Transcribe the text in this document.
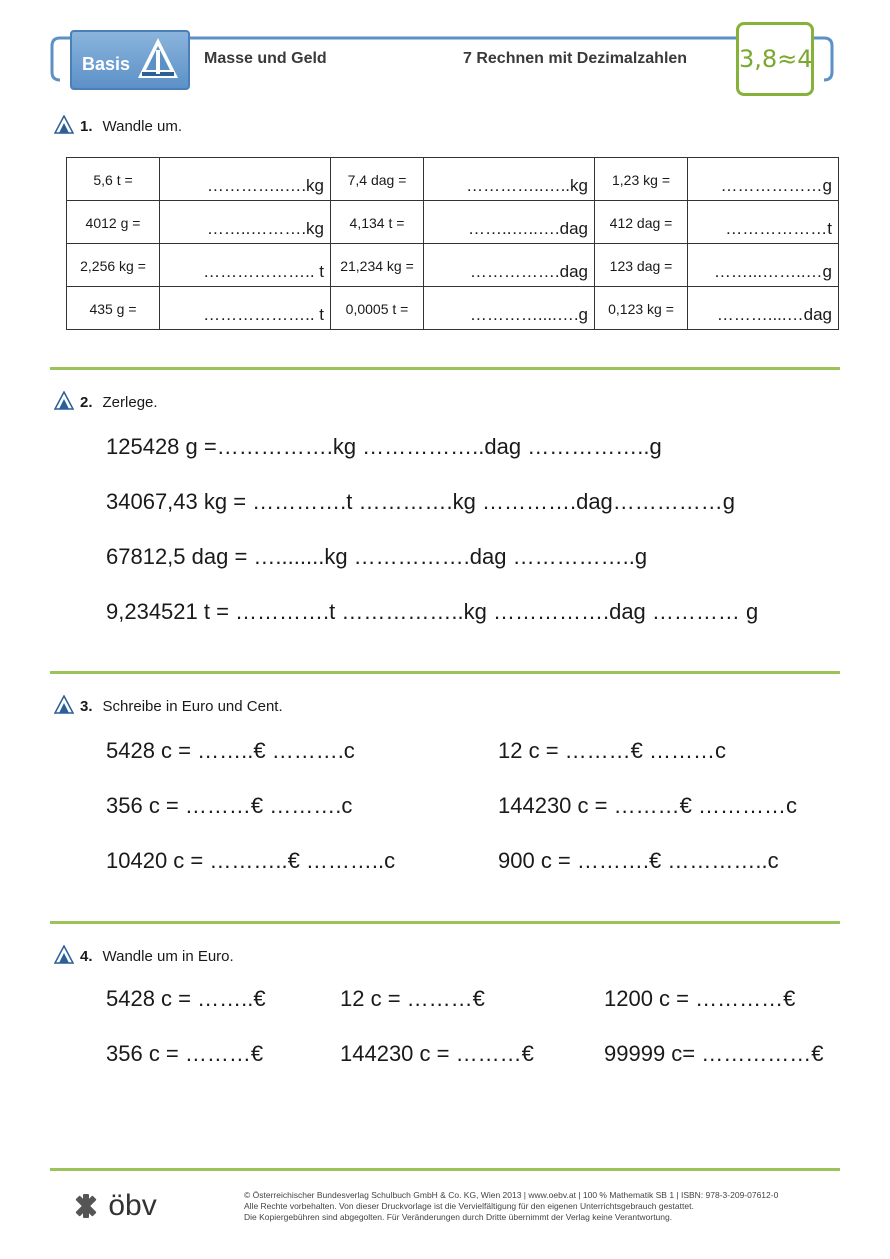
Basis	Masse und Geld	7 Rechnen mit Dezimalzahlen 3,8≈4
1. Wandle um.
5,6 t =	…………..….kg	7,4 dag =	…………..…..kg	1,23 kg =	………………g

4012 g =	……..……….kg	4,134 t =	……..…..….dag	412 dag =	………………t

2,256 kg =	……………….. t	21,234 kg =	…………….dag	123 dag =	……...……..…g

435 g =	……………….. t	0,0005 t =	…………....….g	0,123 kg =	………....…dag
2. Zerlege.
125428 g =…………….kg ……………..dag ……………..g
34067,43 kg = ………….t ………….kg ………….dag……………g
67812,5 dag = …........kg …………….dag ……………..g
9,234521 t = ………….t ……………..kg …………….dag ………… g
3. Schreibe in Euro und Cent.
5428 c = ……..€ ……….c
356 c = ………€ ……….c
10420 c = ………..€ ………..c
12 c = ………€ ………c
144230 c = ………€ …………c
900 c = ……….€ …………..c
4. Wandle um in Euro.
5428 c = ……..€
356 c = ………€
12 c = ………€
144230 c = ………€
1200 c = …………€
99999 c= ……………€
öbv	© Österreichischer Bundesverlag Schulbuch GmbH & Co. KG, Wien 2013 | www.oebv.at | 100 % Mathematik SB 1 | ISBN: 978-3-209-07612-0
Alle Rechte vorbehalten. Von dieser Druckvorlage ist die Vervielfältigung für den eigenen Unterrichtsgebrauch gestattet.
Die Kopiergebühren sind abgegolten. Für Veränderungen durch Dritte übernimmt der Verlag keine Verantwortung.
